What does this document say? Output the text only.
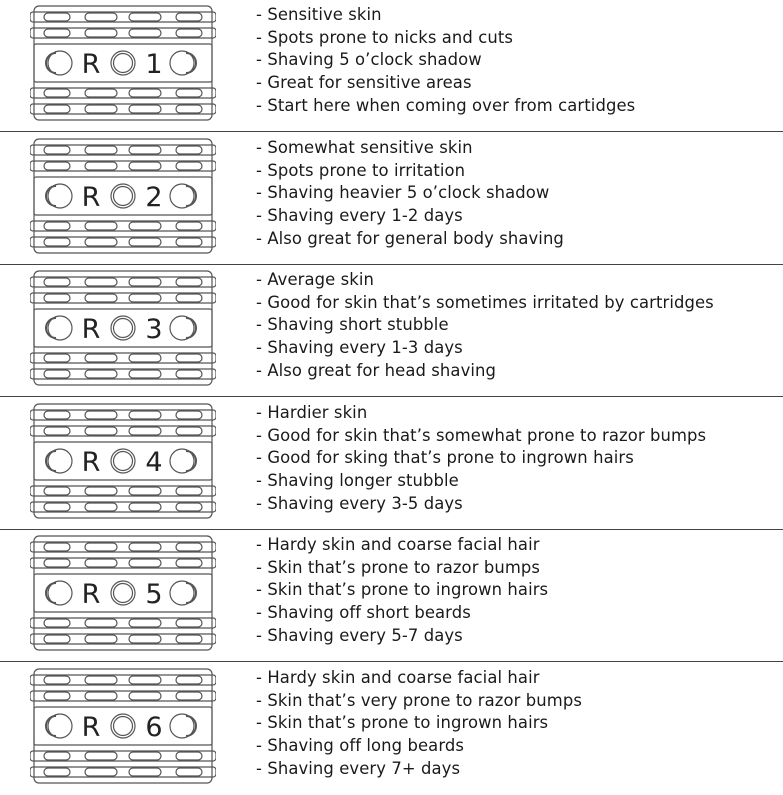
R 1
- Sensitive skin
- Spots prone to nicks and cuts
- Shaving 5 o’clock shadow
- Great for sensitive areas
- Start here when coming over from cartidges
R 2
- Somewhat sensitive skin
- Spots prone to irritation
- Shaving heavier 5 o’clock shadow
- Shaving every 1-2 days
- Also great for general body shaving
R 3
- Average skin
- Good for skin that’s sometimes irritated by cartridges
- Shaving short stubble
- Shaving every 1-3 days
- Also great for head shaving
R 4
- Hardier skin
- Good for skin that’s somewhat prone to razor bumps
- Good for sking that’s prone to ingrown hairs
- Shaving longer stubble
- Shaving every 3-5 days
R 5
- Hardy skin and coarse facial hair
- Skin that’s prone to razor bumps
- Skin that’s prone to ingrown hairs
- Shaving off short beards
- Shaving every 5-7 days
R 6
- Hardy skin and coarse facial hair
- Skin that’s very prone to razor bumps
- Skin that’s prone to ingrown hairs
- Shaving off long beards
- Shaving every 7+ days
